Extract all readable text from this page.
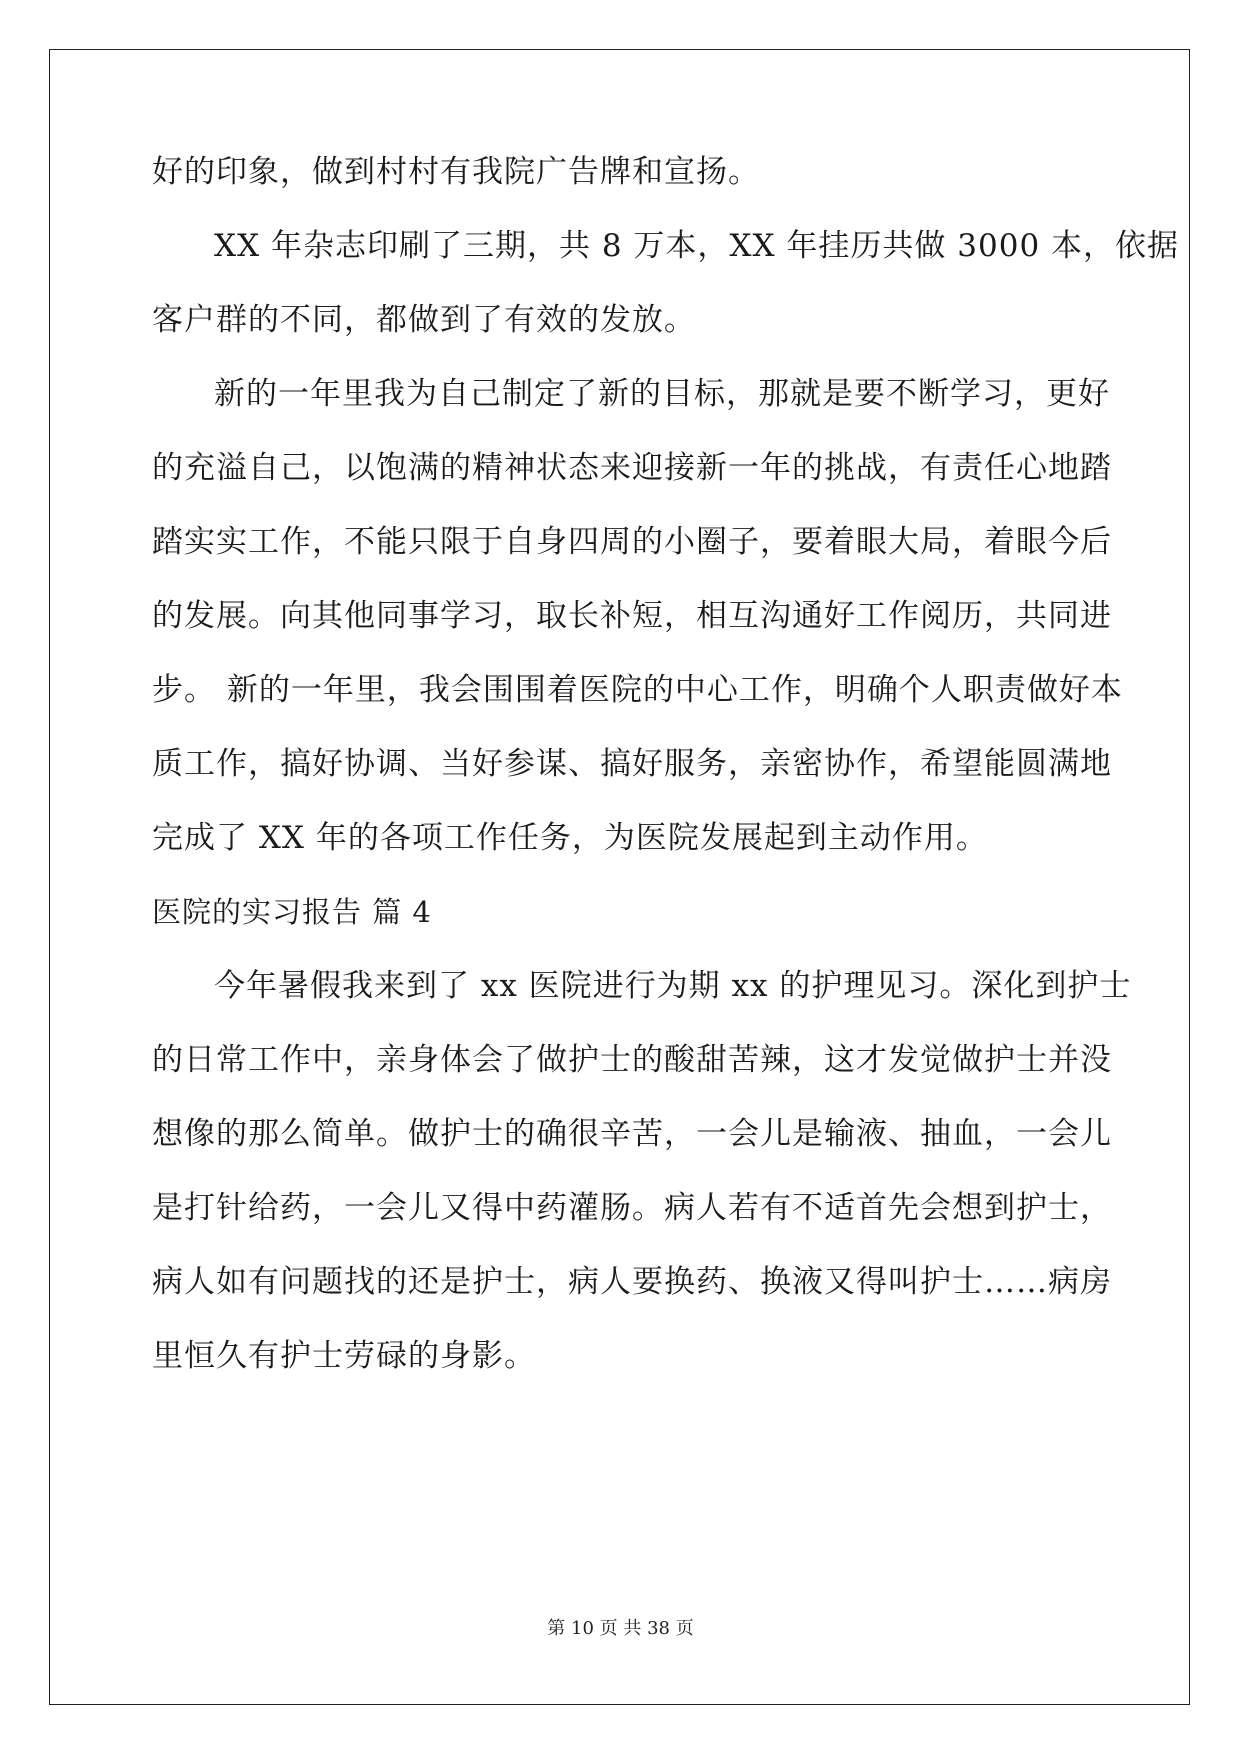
好的印象，做到村村有我院广告牌和宣扬。
XX 年杂志印刷了三期，共 8 万本，XX 年挂历共做 3000 本，依据
客户群的不同，都做到了有效的发放。
新的一年里我为自己制定了新的目标，那就是要不断学习，更好
的充溢自己，以饱满的精神状态来迎接新一年的挑战，有责任心地踏
踏实实工作，不能只限于自身四周的小圈子，要着眼大局，着眼今后
的发展。向其他同事学习，取长补短，相互沟通好工作阅历，共同进
步。 新的一年里，我会围围着医院的中心工作，明确个人职责做好本
质工作，搞好协调、当好参谋、搞好服务，亲密协作，希望能圆满地
完成了 XX 年的各项工作任务，为医院发展起到主动作用。
医院的实习报告 篇 4
今年暑假我来到了 xx 医院进行为期 xx 的护理见习。深化到护士
的日常工作中，亲身体会了做护士的酸甜苦辣，这才发觉做护士并没
想像的那么简单。做护士的确很辛苦，一会儿是输液、抽血，一会儿
是打针给药，一会儿又得中药灌肠。病人若有不适首先会想到护士，
病人如有问题找的还是护士，病人要换药、换液又得叫护士……病房
里恒久有护士劳碌的身影。
第 10 页 共 38 页
